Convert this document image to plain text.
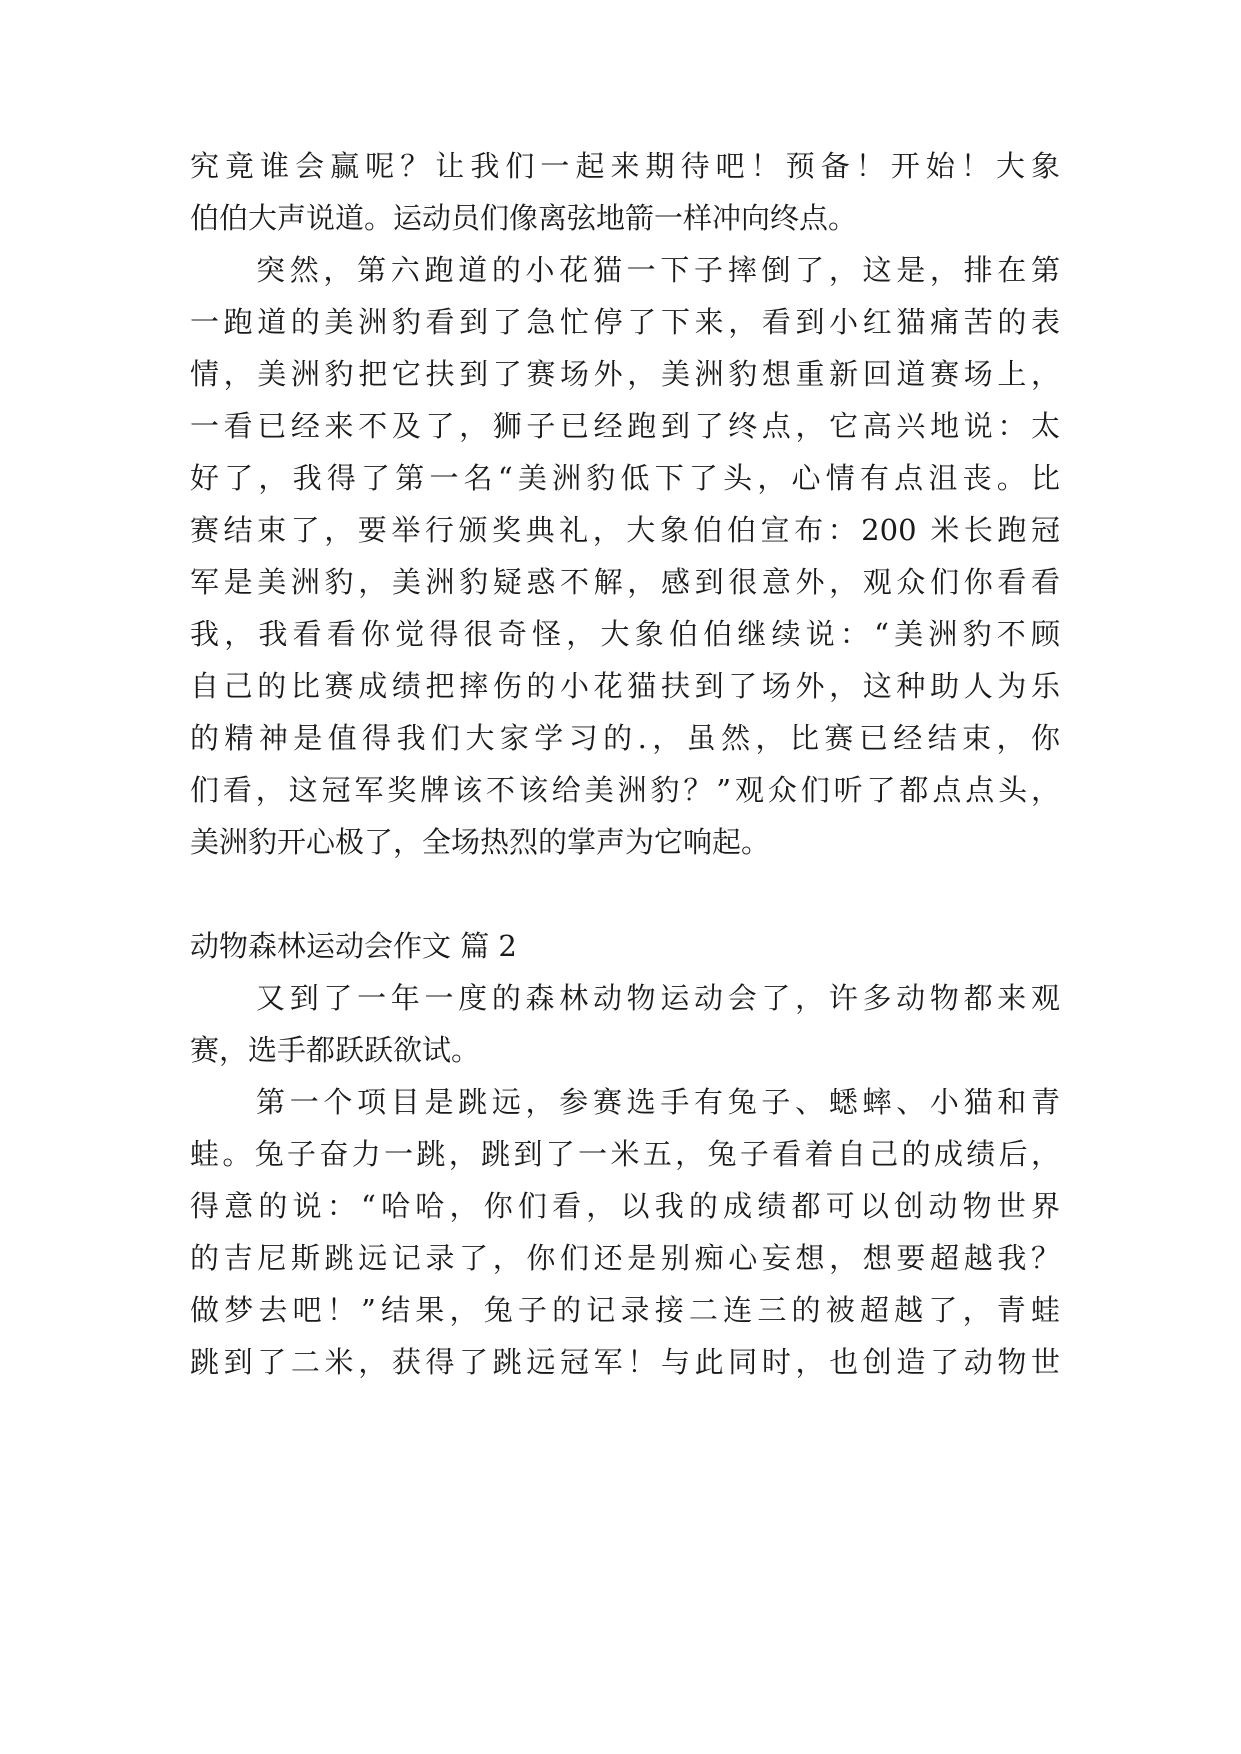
究竟谁会赢呢？让我们一起来期待吧！预备！开始！大象
伯伯大声说道。运动员们像离弦地箭一样冲向终点。
突然，第六跑道的小花猫一下子摔倒了，这是，排在第
一跑道的美洲豹看到了急忙停了下来，看到小红猫痛苦的表
情，美洲豹把它扶到了赛场外，美洲豹想重新回道赛场上，
一看已经来不及了，狮子已经跑到了终点，它高兴地说：太
好了，我得了第一名“美洲豹低下了头，心情有点沮丧。比
赛结束了，要举行颁奖典礼，大象伯伯宣布：200 米长跑冠
军是美洲豹，美洲豹疑惑不解，感到很意外，观众们你看看
我，我看看你觉得很奇怪，大象伯伯继续说：“美洲豹不顾
自己的比赛成绩把摔伤的小花猫扶到了场外，这种助人为乐
的精神是值得我们大家学习的.，虽然，比赛已经结束，你
们看，这冠军奖牌该不该给美洲豹？”观众们听了都点点头，
美洲豹开心极了，全场热烈的掌声为它响起。
动物森林运动会作文 篇 2
又到了一年一度的森林动物运动会了，许多动物都来观
赛，选手都跃跃欲试。
第一个项目是跳远，参赛选手有兔子、蟋蟀、小猫和青
蛙。兔子奋力一跳，跳到了一米五，兔子看着自己的成绩后，
得意的说：“哈哈，你们看，以我的成绩都可以创动物世界
的吉尼斯跳远记录了，你们还是别痴心妄想，想要超越我？
做梦去吧！”结果，兔子的记录接二连三的被超越了，青蛙
跳到了二米，获得了跳远冠军！与此同时，也创造了动物世
